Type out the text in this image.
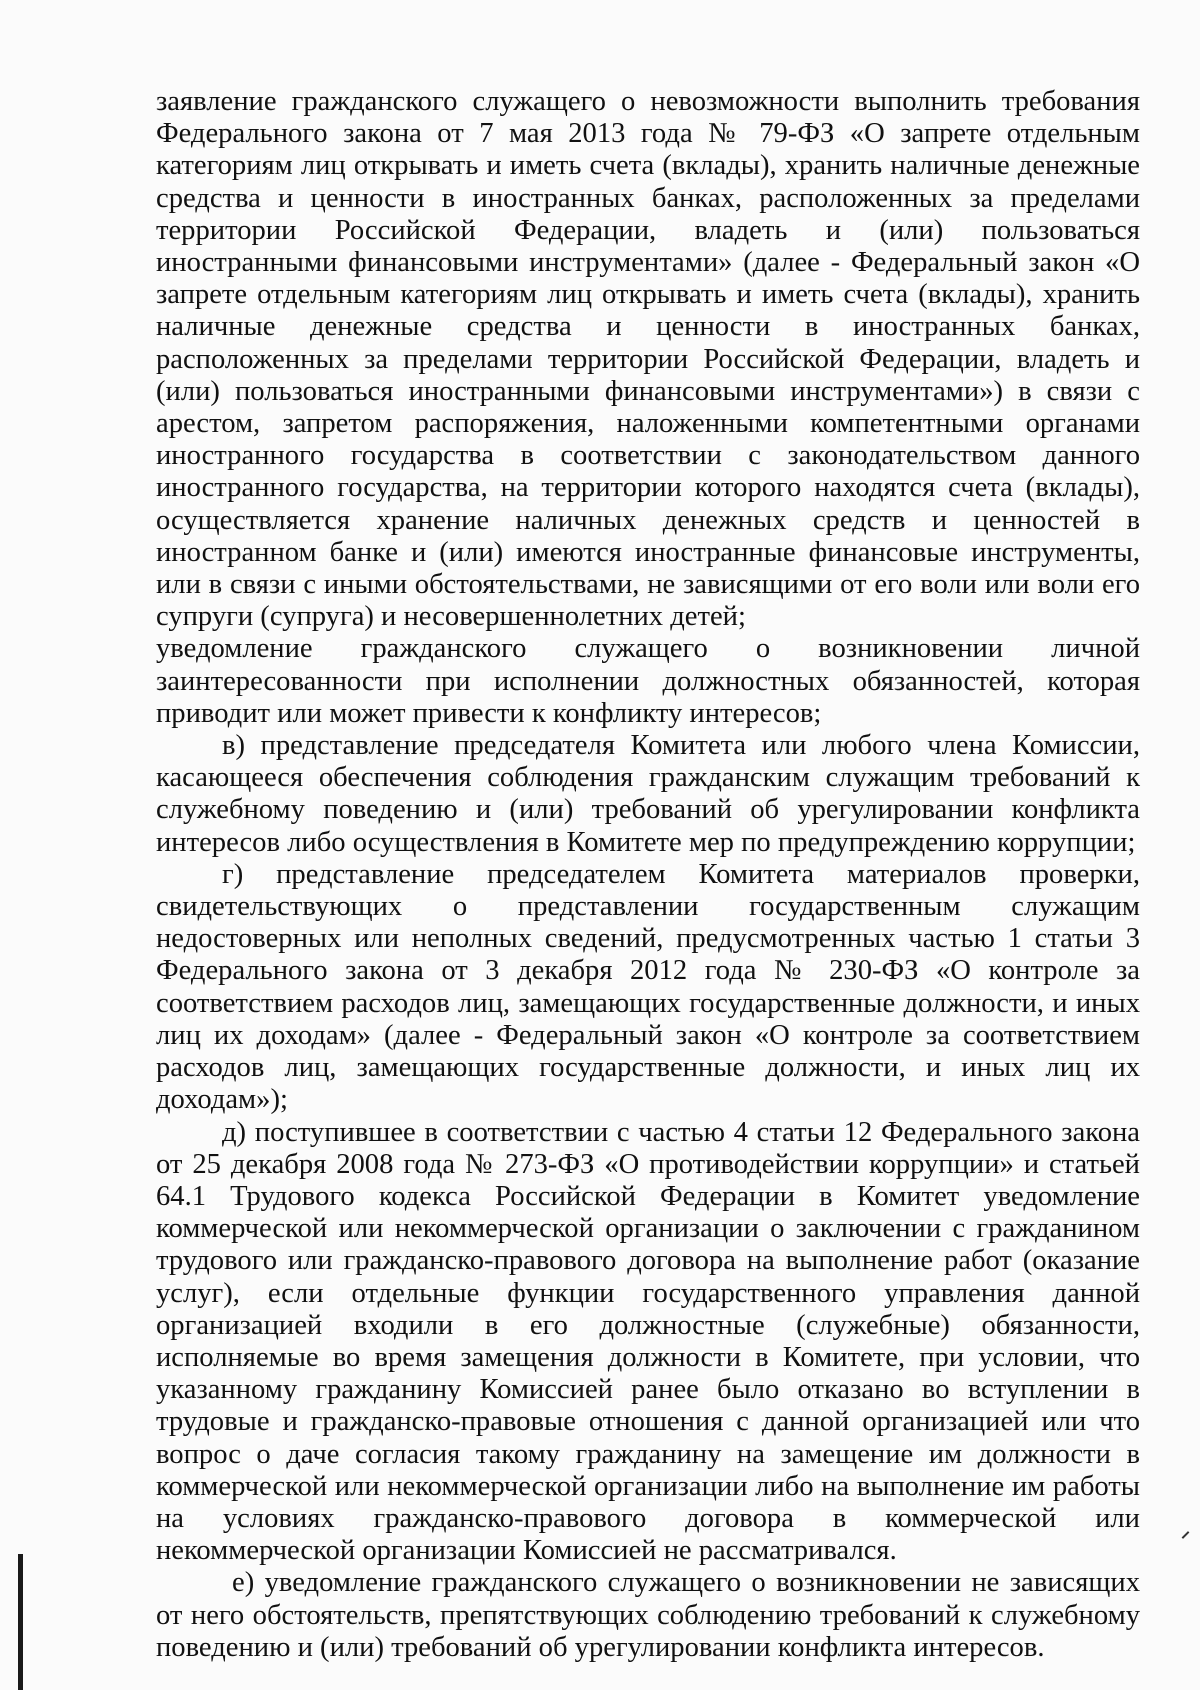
заявление гражданского служащего о невозможности выполнить требования Федерального закона от 7 мая 2013 года № 79-ФЗ «О запрете отдельным категориям лиц открывать и иметь счета (вклады), хранить наличные денежные средства и ценности в иностранных банках, расположенных за пределами территории Российской Федерации, владеть и (или) пользоваться иностранными финансовыми инструментами» (далее - Федеральный закон «О запрете отдельным категориям лиц открывать и иметь счета (вклады), хранить наличные денежные средства и ценности в иностранных банках, расположенных за пределами территории Российской Федерации, владеть и (или) пользоваться иностранными финансовыми инструментами») в связи с арестом, запретом распоряжения, наложенными компетентными органами иностранного государства в соответствии с законодательством данного иностранного государства, на территории которого находятся счета (вклады), осуществляется хранение наличных денежных средств и ценностей в иностранном банке и (или) имеются иностранные финансовые инструменты, или в связи с иными обстоятельствами, не зависящими от его воли или воли его супруги (супруга) и несовершеннолетних детей;

уведомление гражданского служащего о возникновении личной заинтересованности при исполнении должностных обязанностей, которая приводит или может привести к конфликту интересов;

в) представление председателя Комитета или любого члена Комиссии, касающееся обеспечения соблюдения гражданским служащим требований к служебному поведению и (или) требований об урегулировании конфликта интересов либо осуществления в Комитете мер по предупреждению коррупции;

г) представление председателем Комитета материалов проверки, свидетельствующих о представлении государственным служащим недостоверных или неполных сведений, предусмотренных частью 1 статьи 3 Федерального закона от 3 декабря 2012 года № 230-ФЗ «О контроле за соответствием расходов лиц, замещающих государственные должности, и иных лиц их доходам» (далее - Федеральный закон «О контроле за соответствием расходов лиц, замещающих государственные должности, и иных лиц их доходам»);

д) поступившее в соответствии с частью 4 статьи 12 Федерального закона от 25 декабря 2008 года № 273-ФЗ «О противодействии коррупции» и статьей 64.1 Трудового кодекса Российской Федерации в Комитет уведомление коммерческой или некоммерческой организации о заключении с гражданином трудового или гражданско-правового договора на выполнение работ (оказание услуг), если отдельные функции государственного управления данной организацией входили в его должностные (служебные) обязанности, исполняемые во время замещения должности в Комитете, при условии, что указанному гражданину Комиссией ранее было отказано во вступлении в трудовые и гражданско-правовые отношения с данной организацией или что вопрос о даче согласия такому гражданину на замещение им должности в коммерческой или некоммерческой организации либо на выполнение им работы на условиях гражданско-правового договора в коммерческой или некоммерческой организации Комиссией не рассматривался.

е) уведомление гражданского служащего о возникновении не зависящих от него обстоятельств, препятствующих соблюдению требований к служебному поведению и (или) требований об урегулировании конфликта интересов.
